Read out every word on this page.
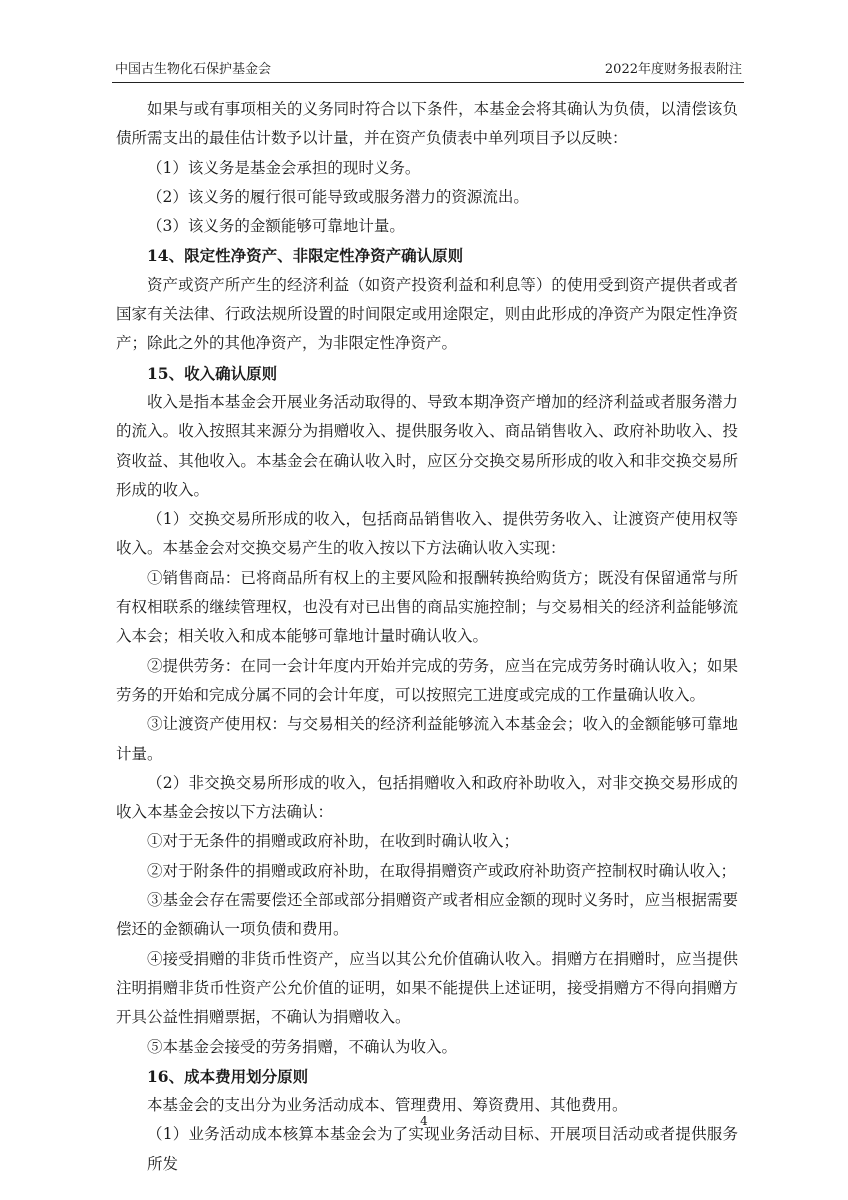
中国古生物化石保护基金会	2022年度财务报表附注

如果与或有事项相关的义务同时符合以下条件，本基金会将其确认为负债，以清偿该负债所需支出的最佳估计数予以计量，并在资产负债表中单列项目予以反映：

（1）该义务是基金会承担的现时义务。

（2）该义务的履行很可能导致或服务潜力的资源流出。

（3）该义务的金额能够可靠地计量。

14、限定性净资产、非限定性净资产确认原则

资产或资产所产生的经济利益（如资产投资利益和利息等）的使用受到资产提供者或者国家有关法律、行政法规所设置的时间限定或用途限定，则由此形成的净资产为限定性净资产；除此之外的其他净资产，为非限定性净资产。

15、收入确认原则

收入是指本基金会开展业务活动取得的、导致本期净资产增加的经济利益或者服务潜力的流入。收入按照其来源分为捐赠收入、提供服务收入、商品销售收入、政府补助收入、投资收益、其他收入。本基金会在确认收入时，应区分交换交易所形成的收入和非交换交易所形成的收入。

（1）交换交易所形成的收入，包括商品销售收入、提供劳务收入、让渡资产使用权等收入。本基金会对交换交易产生的收入按以下方法确认收入实现：

①销售商品：已将商品所有权上的主要风险和报酬转换给购货方；既没有保留通常与所有权相联系的继续管理权，也没有对已出售的商品实施控制；与交易相关的经济利益能够流入本会；相关收入和成本能够可靠地计量时确认收入。

②提供劳务：在同一会计年度内开始并完成的劳务，应当在完成劳务时确认收入；如果劳务的开始和完成分属不同的会计年度，可以按照完工进度或完成的工作量确认收入。

③让渡资产使用权：与交易相关的经济利益能够流入本基金会；收入的金额能够可靠地计量。

（2）非交换交易所形成的收入，包括捐赠收入和政府补助收入，对非交换交易形成的收入本基金会按以下方法确认：

①对于无条件的捐赠或政府补助，在收到时确认收入；

②对于附条件的捐赠或政府补助，在取得捐赠资产或政府补助资产控制权时确认收入；

③基金会存在需要偿还全部或部分捐赠资产或者相应金额的现时义务时，应当根据需要偿还的金额确认一项负债和费用。

④接受捐赠的非货币性资产，应当以其公允价值确认收入。捐赠方在捐赠时，应当提供注明捐赠非货币性资产公允价值的证明，如果不能提供上述证明，接受捐赠方不得向捐赠方开具公益性捐赠票据，不确认为捐赠收入。

⑤本基金会接受的劳务捐赠，不确认为收入。

16、成本费用划分原则

本基金会的支出分为业务活动成本、管理费用、筹资费用、其他费用。

（1）业务活动成本核算本基金会为了实现业务活动目标、开展项目活动或者提供服务所发

4
